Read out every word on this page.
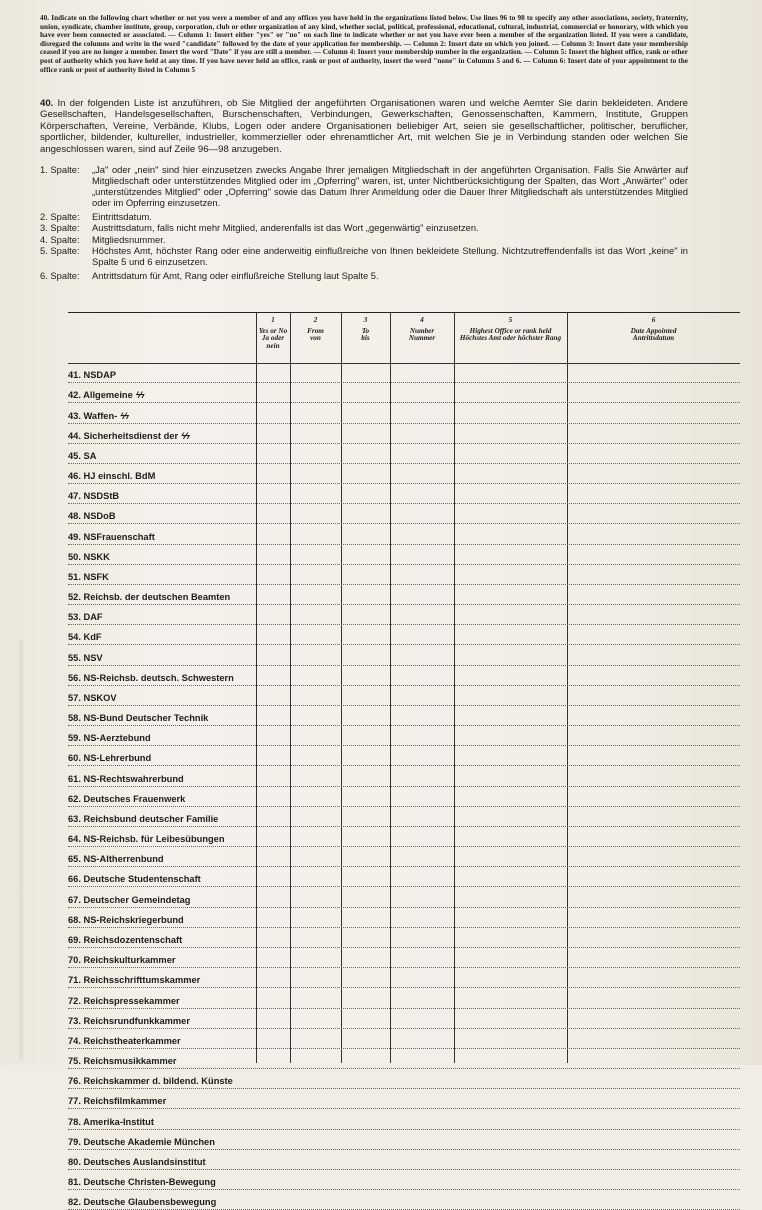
40. Indicate on the following chart whether or not you were a member of and any offices you have held in the organizations listed below. Use lines 96 to 98 to specify any other associations, society, fraternity, union, syndicate, chamber institute, group, corporation, club or other organization of any kind, whether social, political, professional, educational, cultural, industrial, commercial or honorary, with which you have ever been connected or associated. — Column 1: Insert either "yes" or "no" on each line to indicate whether or not you have ever been a member of the organization listed. If you were a candidate, disregard the columns and write in the word "candidate" followed by the date of your application for membership. — Column 2: Insert date on which you joined. — Column 3: Insert date your membership ceased if you are no longer a member. Insert the word "Date" if you are still a member. — Column 4: Insert your membership number in the organization. — Column 5: Insert the highest office, rank or other post of authority which you have held at any time. If you have never held an office, rank or post of authority, insert the word "none" in Columns 5 and 6. — Column 6: Insert date of your appointment to the office rank or post of authority listed in Column 5
40. In der folgenden Liste ist anzuführen, ob Sie Mitglied der angeführten Organisationen waren und welche Aemter Sie darin bekleideten. Andere Gesellschaften, Handelsgesellschaften, Burschenschaften, Verbindungen, Gewerkschaften, Genossenschaften, Kammern, Institute, Gruppen Körperschaften, Vereine, Verbände, Klubs, Logen oder andere Organisationen beliebiger Art, seien sie gesellschaftlicher, politischer, beruflicher, sportlicher, bildender, kultureller, industrieller, kommerzieller oder ehrenamtlicher Art, mit welchen Sie je in Verbindung standen oder welchen Sie angeschlossen waren, sind auf Zeile 96—98 anzugeben.
1. Spalte:	„Ja" oder „nein" sind hier einzusetzen zwecks Angabe Ihrer jemaligen Mitgliedschaft in der angeführten Organisation. Falls Sie Anwärter auf Mitgliedschaft oder unterstützendes Mitglied oder im „Opferring" waren, ist, unter Nichtberücksichtigung der Spalten, das Wort „Anwärter" oder „unterstützendes Mitglied" oder „Opferring" sowie das Datum Ihrer Anmeldung oder die Dauer Ihrer Mitgliedschaft als unterstützendes Mitglied oder im Opferring einzusetzen.
2. Spalte:	Eintrittsdatum.
3. Spalte:	Austrittsdatum, falls nicht mehr Mitglied, anderenfalls ist das Wort „gegenwärtig" einzusetzen.
4. Spalte:	Mitgliedsnummer.
5. Spalte:	Höchstes Amt, höchster Rang oder eine anderweitig einflußreiche von Ihnen bekleidete Stellung. Nichtzutreffendenfalls ist das Wort „keine" in Spalte 5 und 6 einzusetzen.
6. Spalte:	Antrittsdatum für Amt, Rang oder einflußreiche Stellung laut Spalte 5.
1
Yes or No
Ja oder nein
2
From
von
3
To
bis
4
Number
Nummer
5
Highest Office or rank held
Höchstes Amt oder höchster Rang
6
Date Appointed
Antrittsdatum
41. NSDAP
42. Allgemeine ϟϟ
43. Waffen- ϟϟ
44. Sicherheitsdienst der ϟϟ
45. SA
46. HJ einschl. BdM
47. NSDStB
48. NSDoB
49. NSFrauenschaft
50. NSKK
51. NSFK
52. Reichsb. der deutschen Beamten
53. DAF
54. KdF
55. NSV
56. NS-Reichsb. deutsch. Schwestern
57. NSKOV
58. NS-Bund Deutscher Technik
59. NS-Aerztebund
60. NS-Lehrerbund
61. NS-Rechtswahrerbund
62. Deutsches Frauenwerk
63. Reichsbund deutscher Familie
64. NS-Reichsb. für Leibesübungen
65. NS-Altherrenbund
66. Deutsche Studentenschaft
67. Deutscher Gemeindetag
68. NS-Reichskriegerbund
69. Reichsdozentenschaft
70. Reichskulturkammer
71. Reichsschrifttumskammer
72. Reichspressekammer
73. Reichsrundfunkkammer
74. Reichstheaterkammer
75. Reichsmusikkammer
76. Reichskammer d. bildend. Künste
77. Reichsfilmkammer
78. Amerika-Institut
79. Deutsche Akademie München
80. Deutsches Auslandsinstitut
81. Deutsche Christen-Bewegung
82. Deutsche Glaubensbewegung
